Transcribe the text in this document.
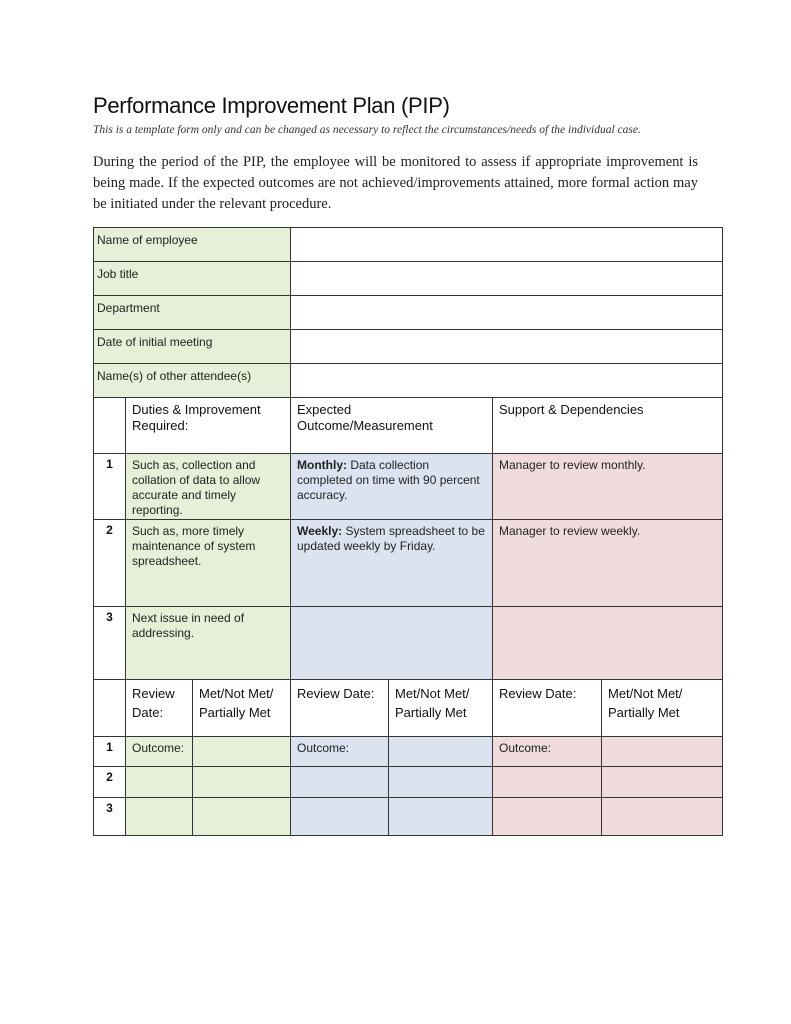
Performance Improvement Plan (PIP)
This is a template form only and can be changed as necessary to reflect the circumstances/needs of the individual case.
During the period of the PIP, the employee will be monitored to assess if appropriate improvement is being made. If the expected outcomes are not achieved/improvements attained, more formal action may be initiated under the relevant procedure.
Name of employee						
Job title						
Department						
Date of initial meeting						
Name(s) of other attendee(s)						
	Duties & Improvement Required:		Expected Outcome/Measurement		Support & Dependencies	
1	Such as, collection and collation of data to allow accurate and timely reporting.		Monthly: Data collection completed on time with 90 percent accuracy.		Manager to review monthly.	
2	Such as, more timely maintenance of system spreadsheet.		Weekly: System spreadsheet to be updated weekly by Friday.		Manager to review weekly.	
3	Next issue in need of addressing.					
	Review Date:	Met/Not Met/ Partially Met	Review Date:	Met/Not Met/ Partially Met	Review Date:	Met/Not Met/ Partially Met
1	Outcome:		Outcome:		Outcome:	
2						
3						
